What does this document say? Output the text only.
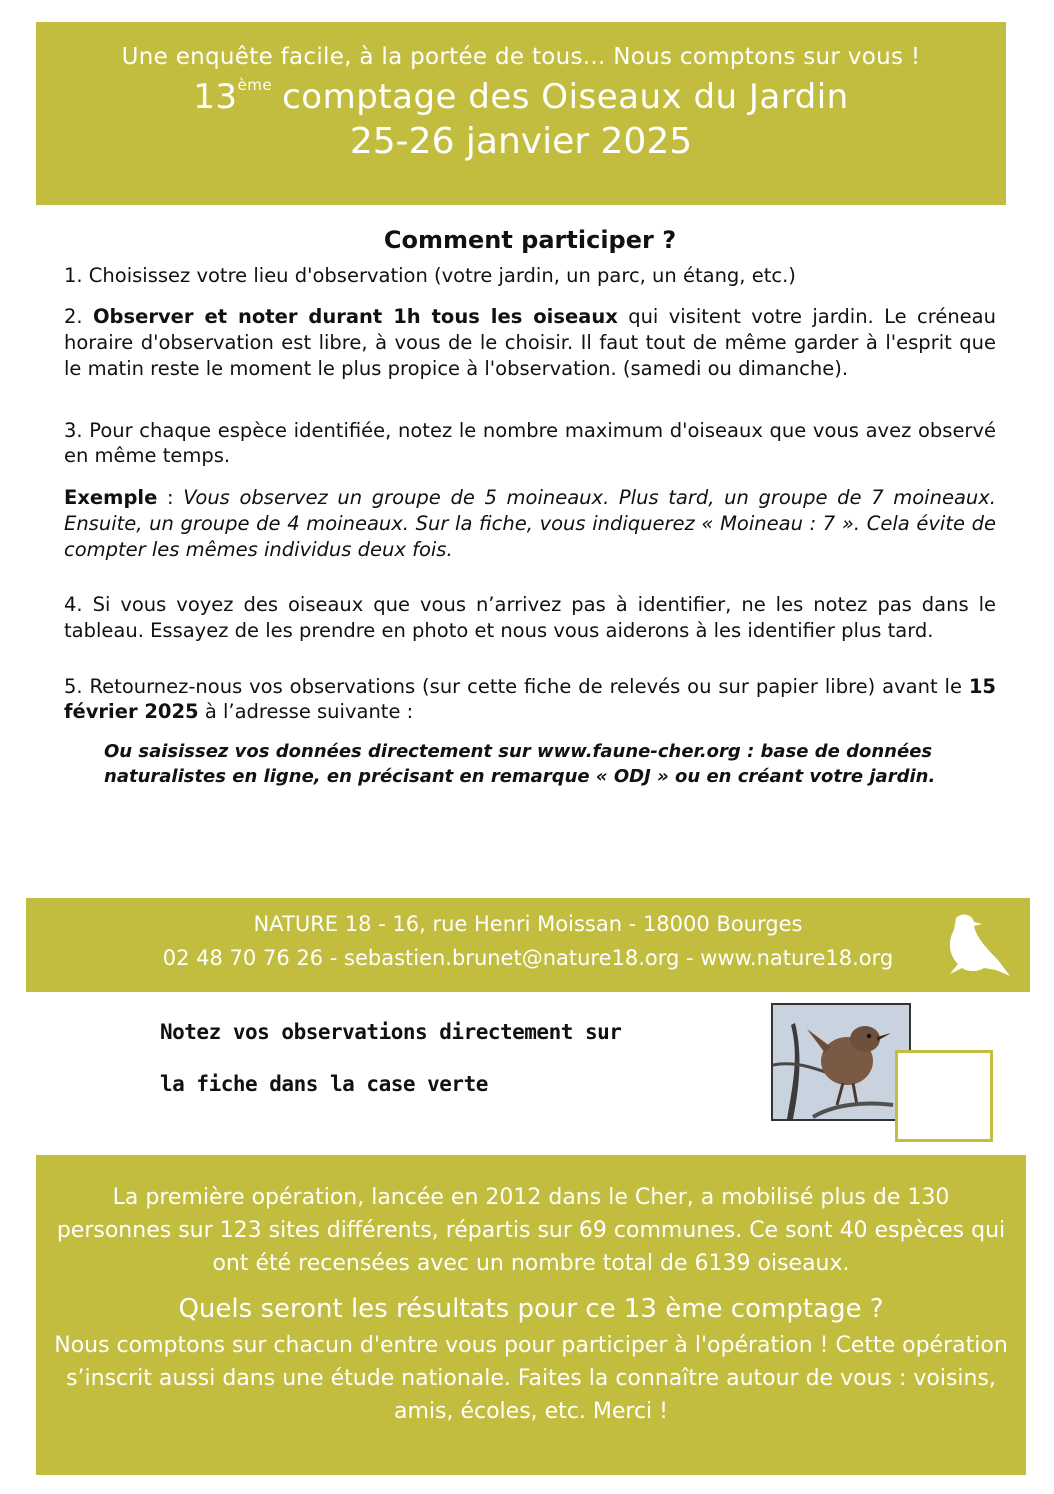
Une enquête facile, à la portée de tous... Nous comptons sur vous !
13ème comptage des Oiseaux du Jardin
25-26 janvier 2025
Comment participer ?

1. Choisissez votre lieu d'observation (votre jardin, un parc, un étang, etc.)

2. Observer et noter durant 1h tous les oiseaux qui visitent votre jardin. Le créneau horaire d'observation est libre, à vous de le choisir. Il faut tout de même garder à l'esprit que le matin reste le moment le plus propice à l'observation. (samedi ou dimanche).

3. Pour chaque espèce identifiée, notez le nombre maximum d'oiseaux que vous avez observé en même temps.

Exemple : Vous observez un groupe de 5 moineaux. Plus tard, un groupe de 7 moineaux. Ensuite, un groupe de 4 moineaux. Sur la fiche, vous indiquerez « Moineau : 7 ». Cela évite de compter les mêmes individus deux fois.

4. Si vous voyez des oiseaux que vous n’arrivez pas à identifier, ne les notez pas dans le tableau. Essayez de les prendre en photo et nous vous aiderons à les identifier plus tard.

5. Retournez-nous vos observations (sur cette fiche de relevés ou sur papier libre) avant le 15 février 2025 à l’adresse suivante :

Ou saisissez vos données directement sur www.faune-cher.org : base de données
naturalistes en ligne, en précisant en remarque « ODJ » ou en créant votre jardin.
NATURE 18 - 16, rue Henri Moissan - 18000 Bourges
02 48 70 76 26 - sebastien.brunet@nature18.org - www.nature18.org
Notez vos observations directement sur
la fiche dans la case verte
La première opération, lancée en 2012 dans le Cher, a mobilisé plus de 130 personnes sur 123 sites différents, répartis sur 69 communes. Ce sont 40 espèces qui ont été recensées avec un nombre total de 6139 oiseaux.
Quels seront les résultats pour ce 13 ème comptage ?
Nous comptons sur chacun d'entre vous pour participer à l'opération ! Cette opération s’inscrit aussi dans une étude nationale. Faites la connaître autour de vous : voisins, amis, écoles, etc. Merci !
